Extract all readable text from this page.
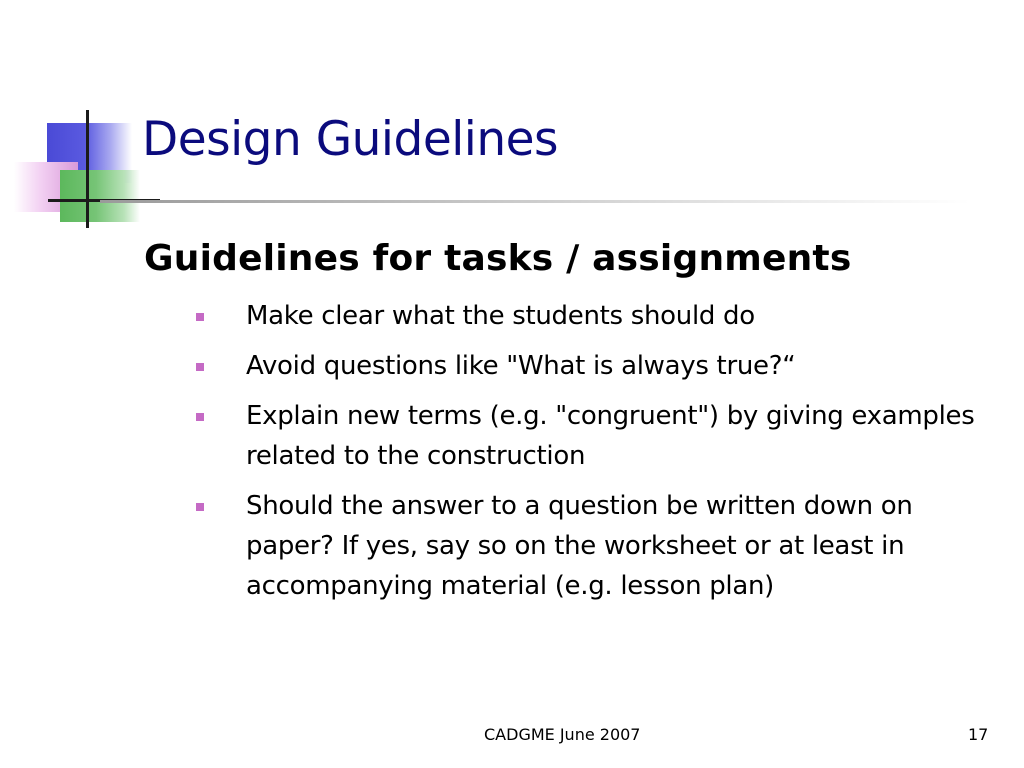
Design Guidelines
Guidelines for tasks / assignments
Make clear what the students should do
Avoid questions like "What is always true?“
Explain new terms (e.g. "congruent") by giving examples related to the construction
Should the answer to a question be written down on paper? If yes, say so on the worksheet or at least in accompanying material (e.g. lesson plan)
CADGME June 2007	17
